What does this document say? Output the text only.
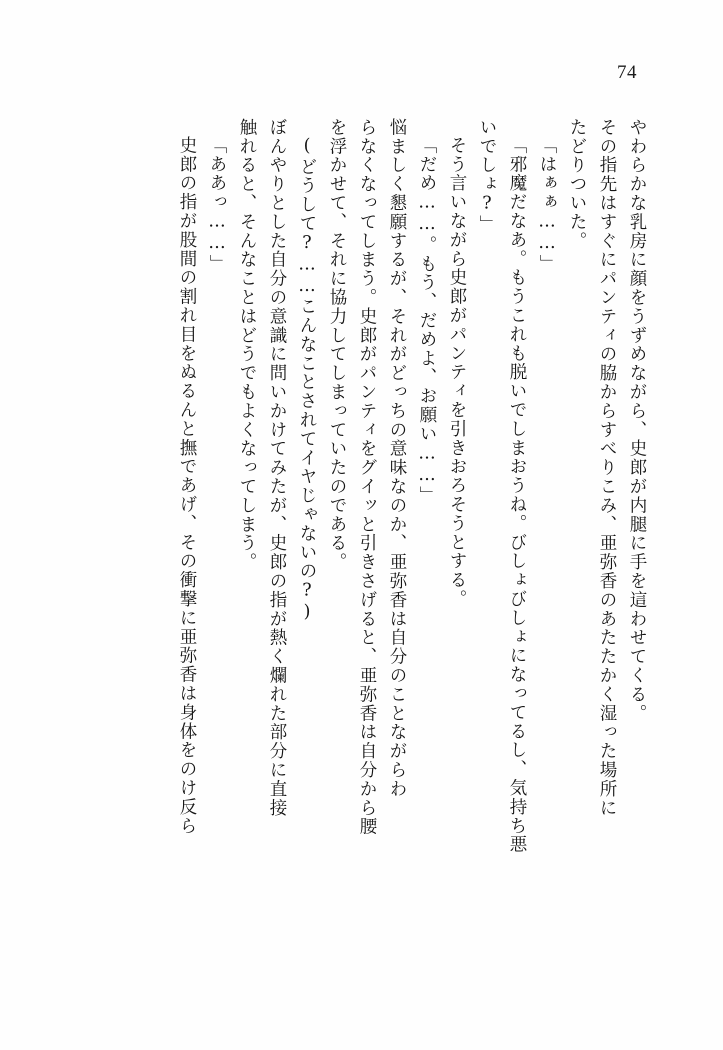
74
やわらかな乳房に顔をうずめながら、史郎が内腿に手を這わせてくる。
その指先はすぐにパンティの脇からすべりこみ、亜弥香のあたたかく湿った場所に
たどりついた。
「はぁぁ……」
「邪魔だなあ。もうこれも脱いでしまおうね。びしょびしょになってるし、気持ち悪
いでしょ?」
そう言いながら史郎がパンティを引きおろそうとする。
「だめ……。もう、だめよ、お願い……」
悩ましく懇願するが、それがどっちの意味なのか、亜弥香は自分のことながらわ
らなくなってしまう。史郎がパンティをグイッと引きさげると、亜弥香は自分から腰
を浮かせて、それに協力してしまっていたのである。
(どうして?……こんなことされてイヤじゃないの?)
ぼんやりとした自分の意識に問いかけてみたが、史郎の指が熱く爛れた部分に直接
触れると、そんなことはどうでもよくなってしまう。
「ああっ……」
史郎の指が股間の割れ目をぬるんと撫であげ、その衝撃に亜弥香は身体をのけ反ら
